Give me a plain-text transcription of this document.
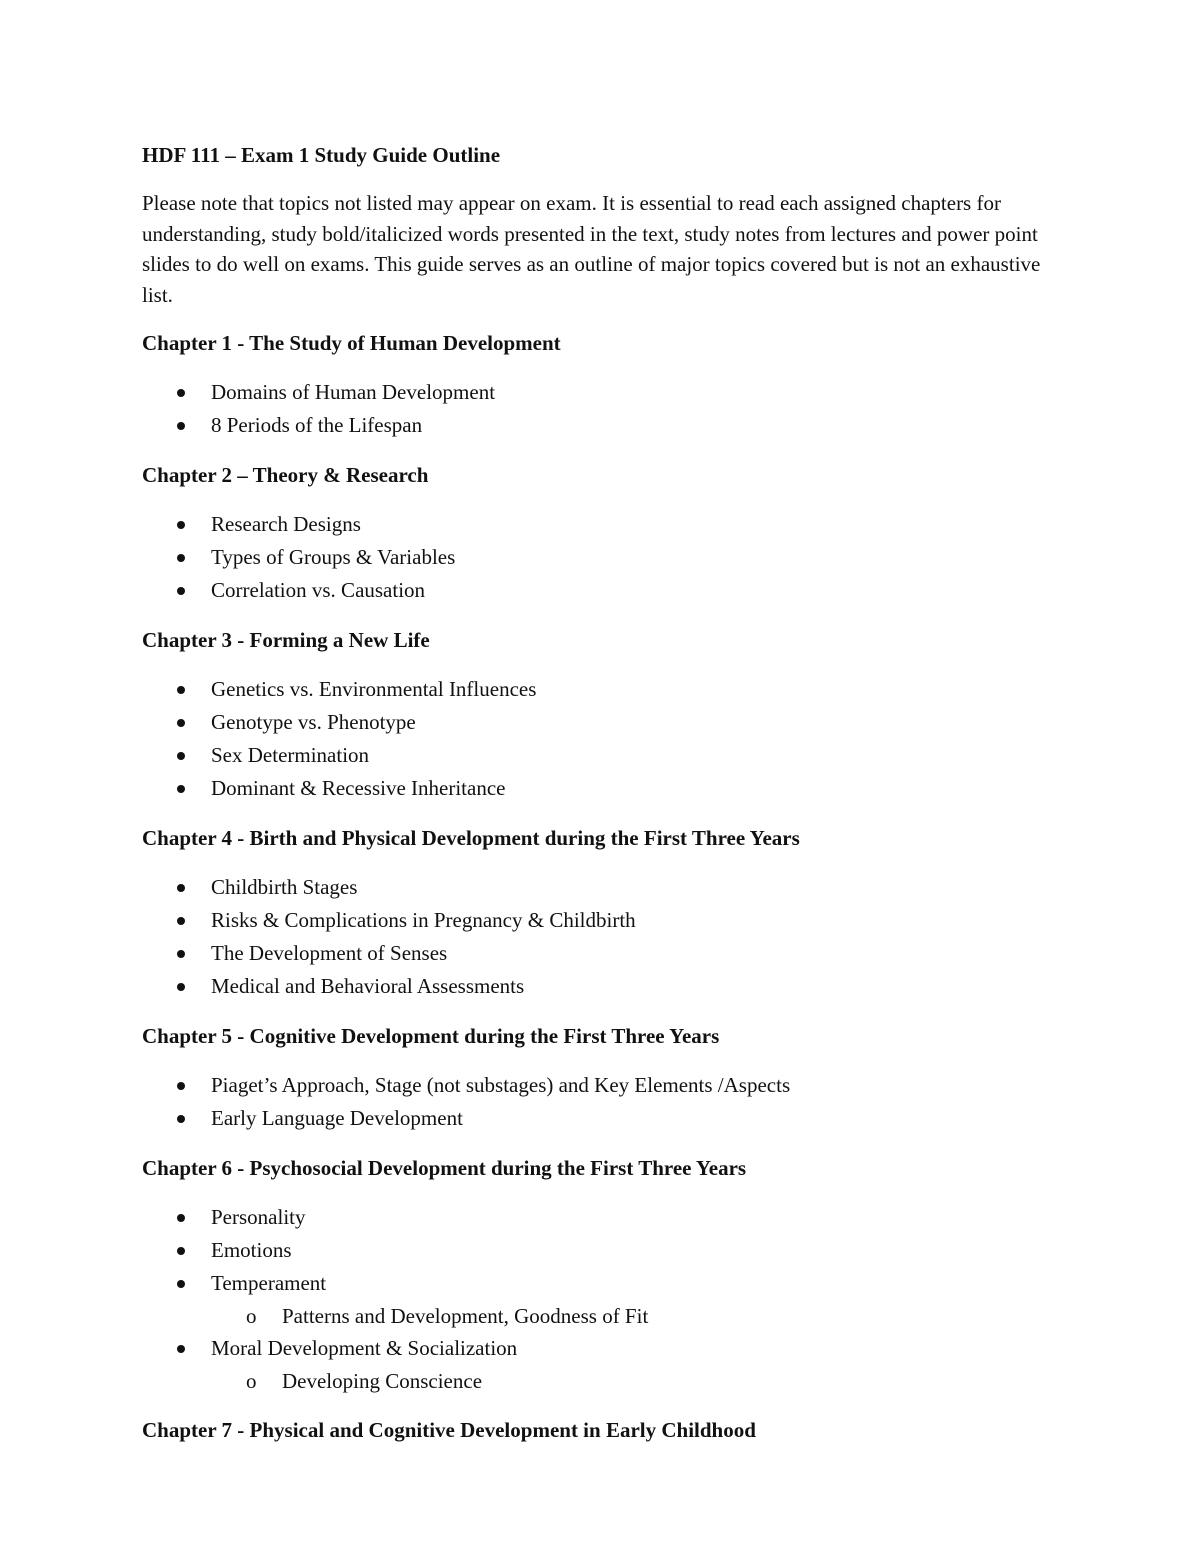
HDF 111 – Exam 1 Study Guide Outline
Please note that topics not listed may appear on exam. It is essential to read each assigned chapters for understanding, study bold/italicized words presented in the text, study notes from lectures and power point slides to do well on exams. This guide serves as an outline of major topics covered but is not an exhaustive list.
Chapter 1 - The Study of Human Development
Domains of Human Development
8 Periods of the Lifespan
Chapter 2 – Theory & Research
Research Designs
Types of Groups & Variables
Correlation vs. Causation
Chapter 3 - Forming a New Life
Genetics vs. Environmental Influences
Genotype vs. Phenotype
Sex Determination
Dominant & Recessive Inheritance
Chapter 4 - Birth and Physical Development during the First Three Years
Childbirth Stages
Risks & Complications in Pregnancy & Childbirth
The Development of Senses
Medical and Behavioral Assessments
Chapter 5 - Cognitive Development during the First Three Years
Piaget’s Approach, Stage (not substages) and Key Elements /Aspects
Early Language Development
Chapter 6 - Psychosocial Development during the First Three Years
Personality
Emotions
Temperament
o Patterns and Development, Goodness of Fit
Moral Development & Socialization
o Developing Conscience
Chapter 7 - Physical and Cognitive Development in Early Childhood
